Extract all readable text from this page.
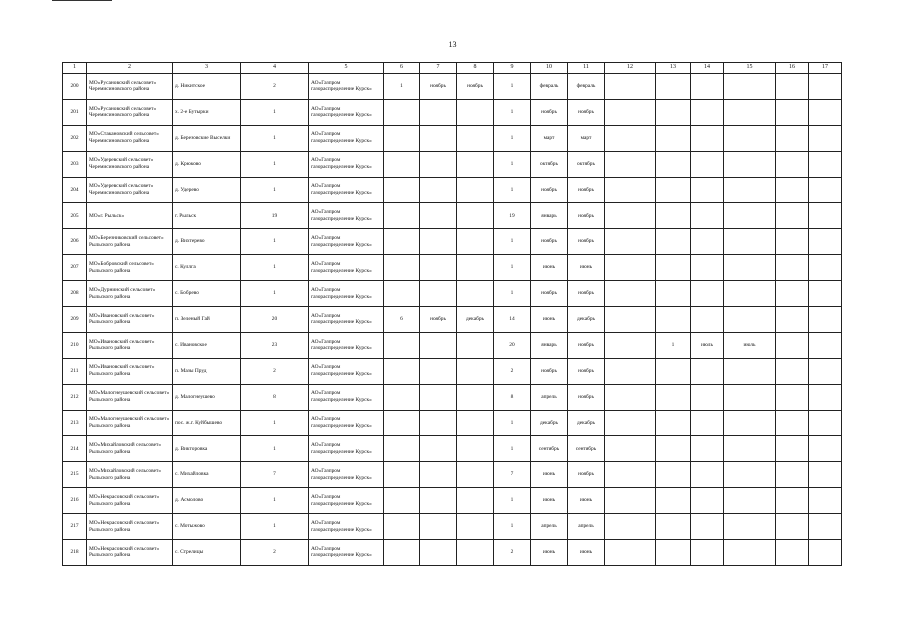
13
1	2	3	4	5	6	7	8	9	10	11	12	13	14	15	16	17
200	МО«Русановский сельсовет» Черемисиновского района	д. Никитское	2	АО«Газпром газораспределение Курск»	1	ноябрь	ноябрь	1	февраль	февраль						
201	МО«Русановский сельсовет» Черемисиновского района	х. 2-е Бутырки	1	АО«Газпром газораспределение Курск»				1	ноябрь	ноябрь						
202	МО«Стакановский сельсовет» Черемисиновского района	д. Березовские Выселки	1	АО«Газпром газораспределение Курск»				1	март	март						
203	МО«Удеревский сельсовет» Черемисиновского района	д. Крюково	1	АО«Газпром газораспределение Курск»				1	октябрь	октябрь						
204	МО«Удеревский сельсовет» Черемисиновского района	д. Удерево	1	АО«Газпром газораспределение Курск»				1	ноябрь	ноябрь						
205	МО«г. Рыльск»	г. Рыльск	19	АО«Газпром газораспределение Курск»				19	январь	ноябрь						
206	МО«Березниковский сельсовет» Рыльского района	д. Вихтерево	1	АО«Газпром газораспределение Курск»				1	ноябрь	ноябрь						
207	МО«Бобровский сельсовет» Рыльского района	с. Куллга	1	АО«Газпром газораспределение Курск»				1	июнь	июнь						
208	МО«Дурнинский сельсовет» Рыльского района	с. Бобрево	1	АО«Газпром газораспределение Курск»				1	ноябрь	ноябрь						
209	МО«Ивановский сельсовет» Рыльского района	п. Зеленый Гай	20	АО«Газпром газораспределение Курск»	6	ноябрь	декабрь	14	июнь	декабрь						
210	МО«Ивановский сельсовет» Рыльского района	с. Ивановское	23	АО«Газпром газораспределение Курск»				20	январь	ноябрь		1	июль	июль		
211	МО«Ивановский сельсовет» Рыльского района	п. Мазы Пруд	2	АО«Газпром газораспределение Курск»				2	ноябрь	ноябрь						
212	МО«Малогнеушевский сельсовет» Рыльского района	д. Малогнеушево	8	АО«Газпром газораспределение Курск»				8	апрель	ноябрь						
213	МО«Малогнеушевский сельсовет» Рыльского района	пос. ж.г. Куйбышево	1	АО«Газпром газораспределение Курск»				1	декабрь	декабрь						
214	МО«Михайловский сельсовет» Рыльского района	д. Викторовка	1	АО«Газпром газораспределение Курск»				1	сентябрь	сентябрь						
215	МО«Михайловский сельсовет» Рыльского района	с. Михайловка	7	АО«Газпром газораспределение Курск»				7	июнь	ноябрь						
216	МО«Некрасовский сельсовет» Рыльского района	д. Асмолово	1	АО«Газпром газораспределение Курск»				1	июнь	июнь						
217	МО«Некрасовский сельсовет» Рыльского района	с. Мотыжово	1	АО«Газпром газораспределение Курск»				1	апрель	апрель						
218	МО«Некрасовский сельсовет» Рыльского района	с. Стрелицы	2	АО«Газпром газораспределение Курск»				2	июнь	июнь						
